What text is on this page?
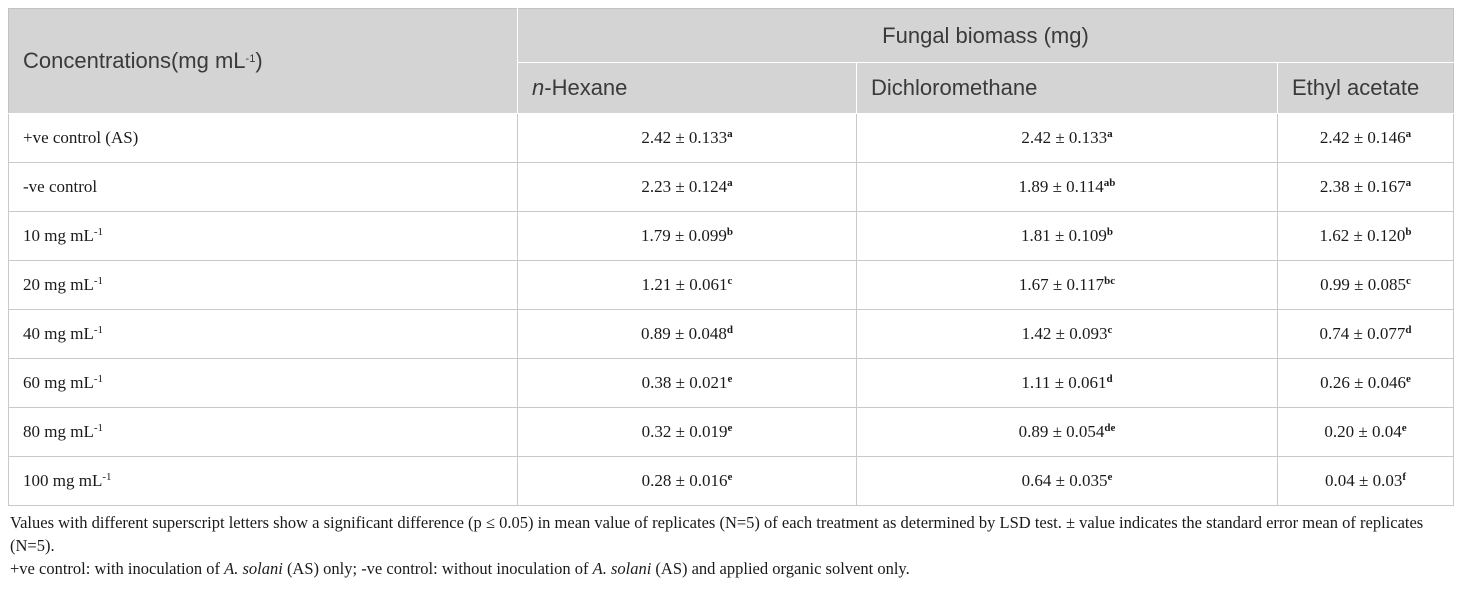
Concentrations(mg $mL^{-1}$)	Fungal biomass (mg)		
	n-Hexane	Dichloromethane	Ethyl acetate
+ve control (AS)	2.42 ± 0.133$^a$	2.42 ± 0.133$^a$	2.42 ± 0.146$^a$
-ve control	2.23 ± 0.124$^a$	1.89 ± 0.114$^{ab}$	2.38 ± 0.167$^a$
10 mg $mL^{-1}$	1.79 ± 0.099$^b$	1.81 ± 0.109$^b$	1.62 ± 0.120$^b$
20 mg $mL^{-1}$	1.21 ± 0.061$^c$	1.67 ± 0.117$^{bc}$	0.99 ± 0.085$^c$
40 mg $mL^{-1}$	0.89 ± 0.048$^d$	1.42 ± 0.093$^c$	0.74 ± 0.077$^d$
60 mg $mL^{-1}$	0.38 ± 0.021$^e$	1.11 ± 0.061$^d$	0.26 ± 0.046$^e$
80 mg $mL^{-1}$	0.32 ± 0.019$^e$	0.89 ± 0.054de	0.20 ± 0.04$^e$
100 mg $mL^{-1}$	0.28 ± 0.016$^e$	0.64 ± 0.035$^e$	0.04 ± 0.03$^f$

Values with different superscript letters show a significant difference (p ≤ 0.05) in mean value of replicates (N=5) of each treatment as determined by LSD test. ± value indicates the standard error mean of replicates (N=5).

+ve control: with inoculation of A. solani (AS) only; -ve control: without inoculation of A. solani (AS) and applied organic solvent only.
